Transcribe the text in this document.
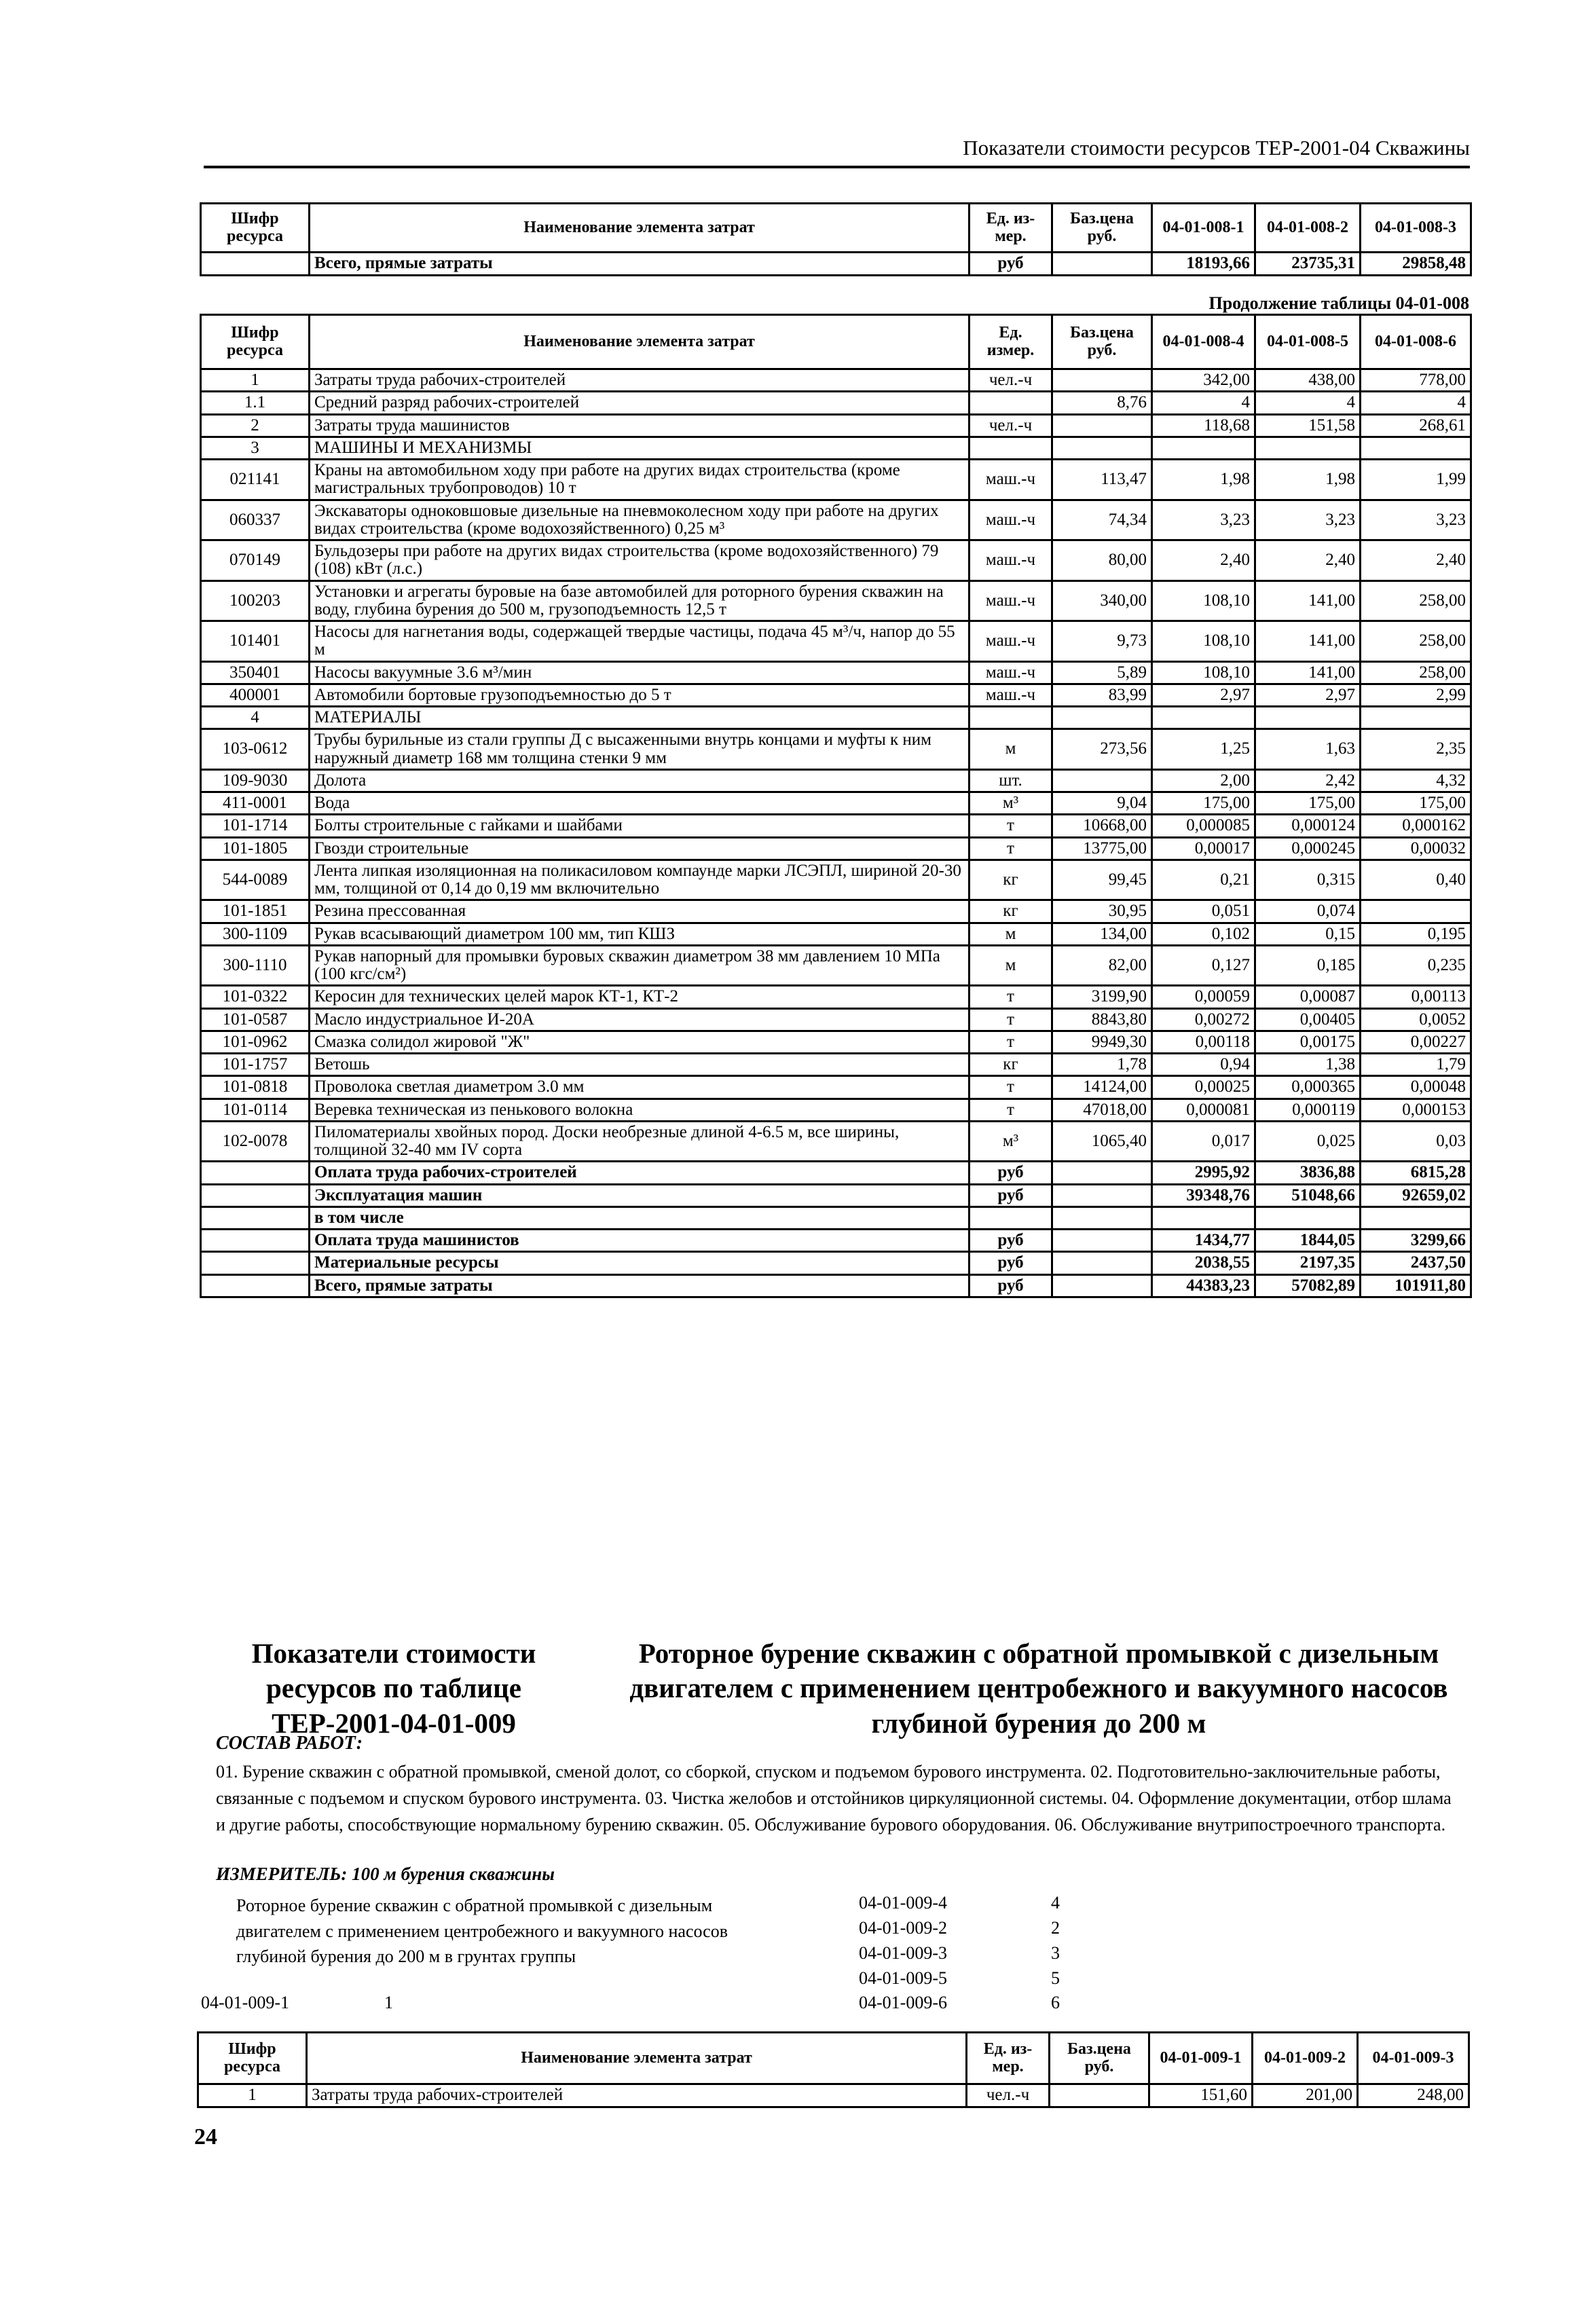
Показатели стоимости ресурсов ТЕР-2001-04 Скважины
Шифр ресурса	Наименование элемента затрат	Ед. из-мер.	Баз.цена руб.	04-01-008-1	04-01-008-2	04-01-008-3
	Всего, прямые затраты	руб		18193,66	23735,31	29858,48
Продолжение таблицы 04-01-008
Шифр ресурса	Наименование элемента затрат	Ед. измер.	Баз.цена руб.	04-01-008-4	04-01-008-5	04-01-008-6
1	Затраты труда рабочих-строителей	чел.-ч		342,00	438,00	778,00
1.1	Средний разряд рабочих-строителей		8,76	4	4	4
2	Затраты труда машинистов	чел.-ч		118,68	151,58	268,61
3	МАШИНЫ И МЕХАНИЗМЫ					
021141	Краны на автомобильном ходу при работе на других видах строительства (кроме магистральных трубопроводов) 10 т	маш.-ч	113,47	1,98	1,98	1,99
060337	Экскаваторы одноковшовые дизельные на пневмоколесном ходу при работе на других видах строительства (кроме водохозяйственного) 0,25 м³	маш.-ч	74,34	3,23	3,23	3,23
070149	Бульдозеры при работе на других видах строительства (кроме водохозяйственного) 79 (108) кВт (л.с.)	маш.-ч	80,00	2,40	2,40	2,40
100203	Установки и агрегаты буровые на базе автомобилей для роторного бурения скважин на воду, глубина бурения до 500 м, грузоподъемность 12,5 т	маш.-ч	340,00	108,10	141,00	258,00
101401	Насосы для нагнетания воды, содержащей твердые частицы, подача 45 м³/ч, напор до 55 м	маш.-ч	9,73	108,10	141,00	258,00
350401	Насосы вакуумные 3.6 м³/мин	маш.-ч	5,89	108,10	141,00	258,00
400001	Автомобили бортовые грузоподъемностью до 5 т	маш.-ч	83,99	2,97	2,97	2,99
4	МАТЕРИАЛЫ					
103-0612	Трубы бурильные из стали группы Д с высаженными внутрь концами и муфты к ним наружный диаметр 168 мм толщина стенки 9 мм	м	273,56	1,25	1,63	2,35
109-9030	Долота	шт.		2,00	2,42	4,32
411-0001	Вода	м³	9,04	175,00	175,00	175,00
101-1714	Болты строительные с гайками и шайбами	т	10668,00	0,000085	0,000124	0,000162
101-1805	Гвозди строительные	т	13775,00	0,00017	0,000245	0,00032
544-0089	Лента липкая изоляционная на поликасиловом компаунде марки ЛСЭПЛ, шириной 20-30 мм, толщиной от 0,14 до 0,19 мм включительно	кг	99,45	0,21	0,315	0,40
101-1851	Резина прессованная	кг	30,95	0,051	0,074	
300-1109	Рукав всасывающий диаметром 100 мм, тип КШЗ	м	134,00	0,102	0,15	0,195
300-1110	Рукав напорный для промывки буровых скважин диаметром 38 мм давлением 10 МПа (100 кгс/см²)	м	82,00	0,127	0,185	0,235
101-0322	Керосин для технических целей марок КТ-1, КТ-2	т	3199,90	0,00059	0,00087	0,00113
101-0587	Масло индустриальное И-20А	т	8843,80	0,00272	0,00405	0,0052
101-0962	Смазка солидол жировой "Ж"	т	9949,30	0,00118	0,00175	0,00227
101-1757	Ветошь	кг	1,78	0,94	1,38	1,79
101-0818	Проволока светлая диаметром 3.0 мм	т	14124,00	0,00025	0,000365	0,00048
101-0114	Веревка техническая из пенькового волокна	т	47018,00	0,000081	0,000119	0,000153
102-0078	Пиломатериалы хвойных пород. Доски необрезные длиной 4-6.5 м, все ширины, толщиной 32-40 мм IV сорта	м³	1065,40	0,017	0,025	0,03
	Оплата труда рабочих-строителей	руб		2995,92	3836,88	6815,28
	Эксплуатация машин	руб		39348,76	51048,66	92659,02
	в том числе					
	Оплата труда машинистов	руб		1434,77	1844,05	3299,66
	Материальные ресурсы	руб		2038,55	2197,35	2437,50
	Всего, прямые затраты	руб		44383,23	57082,89	101911,80
Показатели стоимости ресурсов по таблице ТЕР-2001-04-01-009
Роторное бурение скважин с обратной промывкой с дизельным двигателем с применением центробежного и вакуумного насосов глубиной бурения до 200 м
СОСТАВ РАБОТ:
01. Бурение скважин с обратной промывкой, сменой долот, со сборкой, спуском и подъемом бурового инструмента. 02. Подготовительно-заключительные работы, связанные с подъемом и спуском бурового инструмента. 03. Чистка желобов и отстойников циркуляционной системы. 04. Оформление документации, отбор шлама и другие работы, способствующие нормальному бурению скважин. 05. Обслуживание бурового оборудования. 06. Обслуживание внутрипостроечного транспорта.
ИЗМЕРИТЕЛЬ: 100 м бурения скважины
Роторное бурение скважин с обратной промывкой с дизельным двигателем с применением центробежного и вакуумного насосов глубиной бурения до 200 м в грунтах группы
04-01-009-1	1
04-01-009-4	4
04-01-009-2	2
04-01-009-3	3
04-01-009-5	5
04-01-009-6	6
Шифр ресурса	Наименование элемента затрат	Ед. из-мер.	Баз.цена руб.	04-01-009-1	04-01-009-2	04-01-009-3
1	Затраты труда рабочих-строителей	чел.-ч		151,60	201,00	248,00
24
